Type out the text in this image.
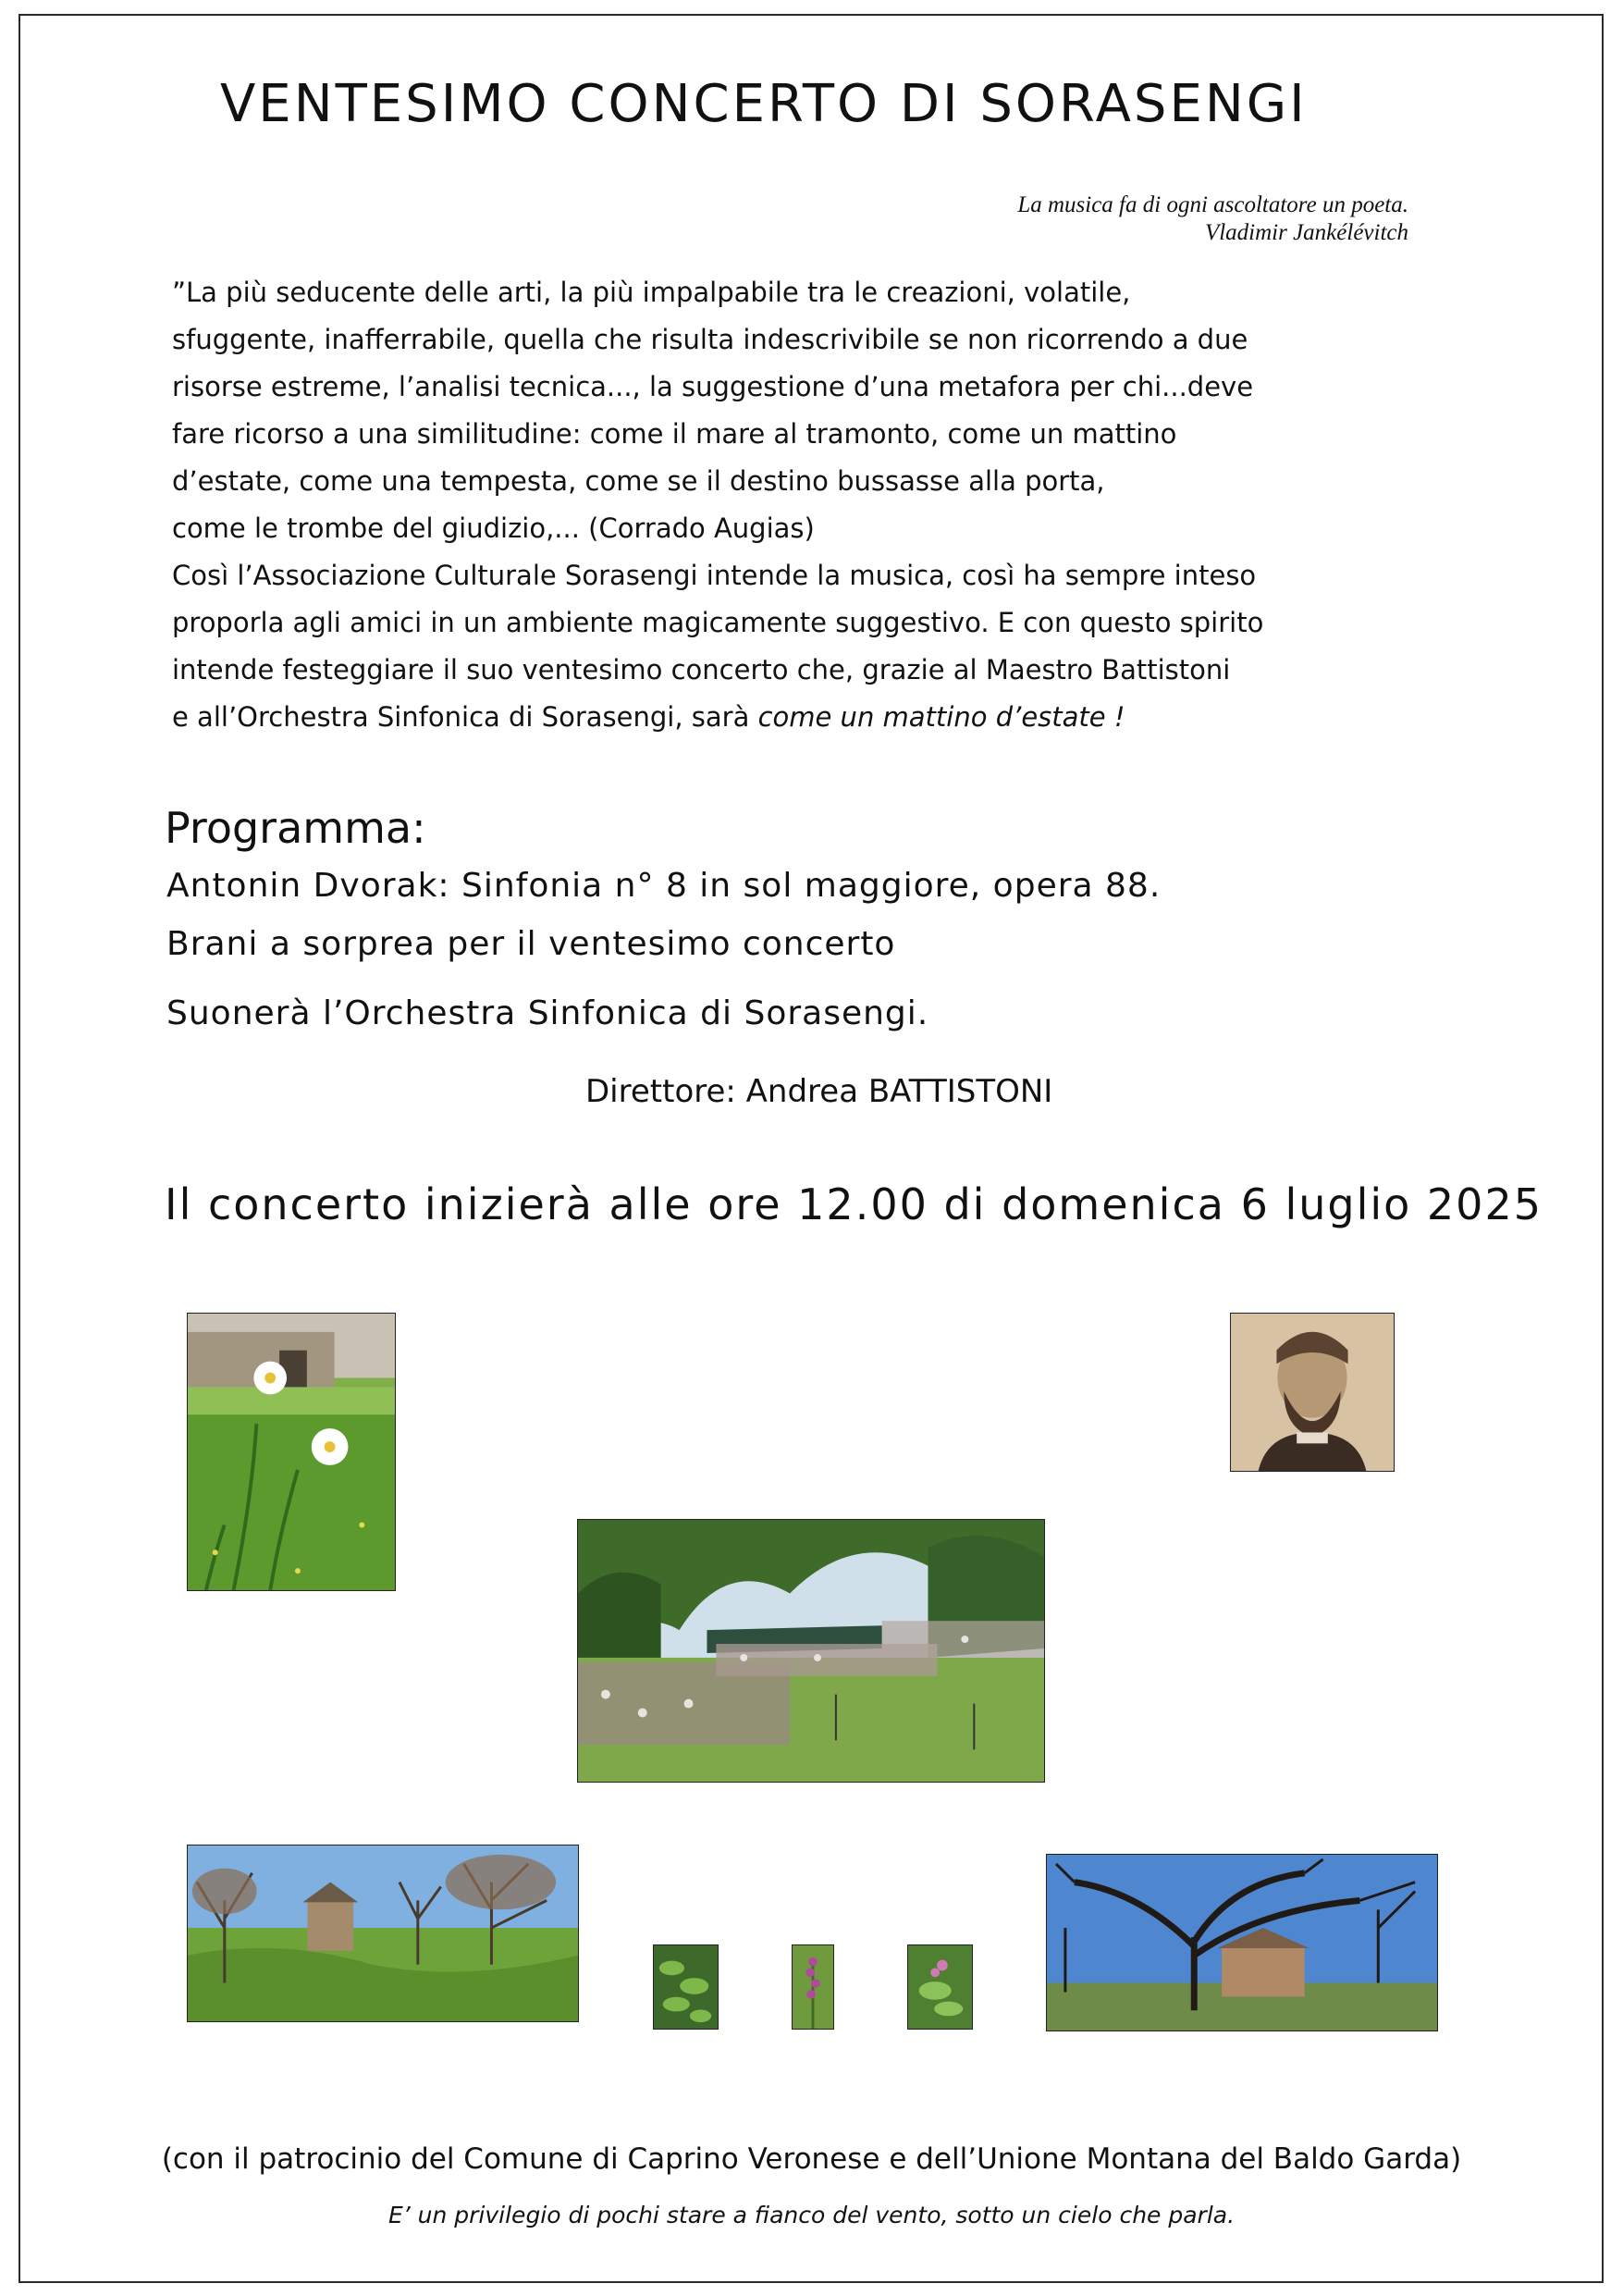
VENTESIMO CONCERTO DI SORASENGI
La musica fa di ogni ascoltatore un poeta.
Vladimir Jankélévitch
”La più seducente delle arti, la più impalpabile tra le creazioni, volatile,
sfuggente, inafferrabile, quella che risulta indescrivibile se non ricorrendo a due
risorse estreme, l’analisi tecnica..., la suggestione d’una metafora per chi...deve
fare ricorso a una similitudine: come il mare al tramonto, come un mattino
d’estate, come una tempesta, come se il destino bussasse alla porta,
come le trombe del giudizio,... (Corrado Augias)
Così l’Associazione Culturale Sorasengi intende la musica, così ha sempre inteso
proporla agli amici in un ambiente magicamente suggestivo. E con questo spirito
intende festeggiare il suo ventesimo concerto che, grazie al Maestro Battistoni
e all’Orchestra Sinfonica di Sorasengi, sarà come un mattino d’estate !
Programma:
Antonin Dvorak: Sinfonia n° 8 in sol maggiore, opera 88.
Brani a sorprea per il ventesimo concerto
Suonerà l’Orchestra Sinfonica di Sorasengi.
Direttore: Andrea BATTISTONI
Il concerto inizierà alle ore 12.00 di domenica 6 luglio 2025
(con il patrocinio del Comune di Caprino Veronese e dell’Unione Montana del Baldo Garda)
E’ un privilegio di pochi stare a fianco del vento, sotto un cielo che parla.
